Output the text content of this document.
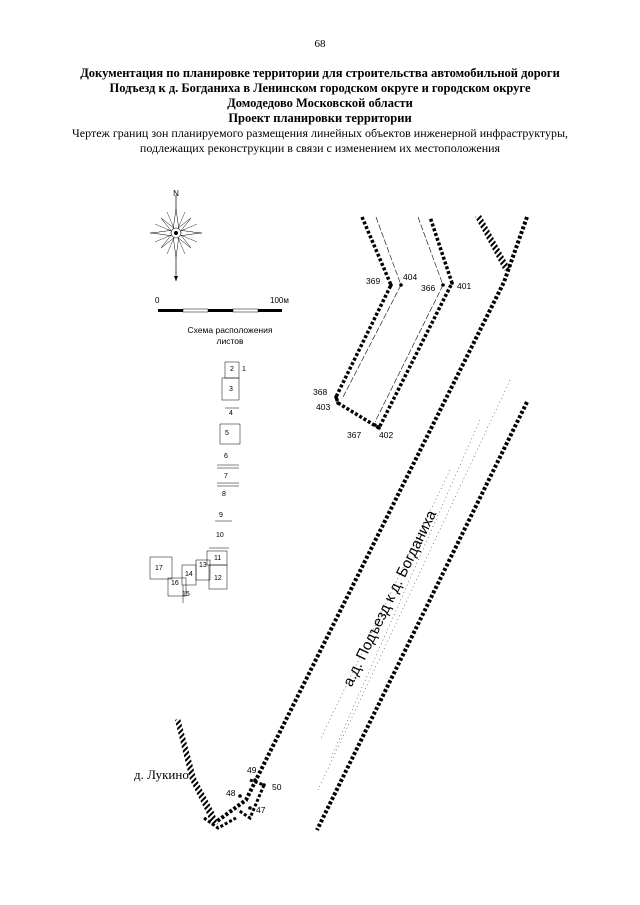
68
Документация по планировке территории для строительства автомобильной дороги
Подъезд к д. Богданиха в Ленинском городском округе и городском округе
Домодедово Московской области
Проект планировки территории
Чертеж границ зон планируемого размещения линейных объектов инженерной инфраструктуры,
подлежащих реконструкции в связи с изменением их местоположения
N
2 1
3
4
5
6
7
8
9
10
11
12
13
14
15
16
17
0	100м
Схема расположения
листов
369	404
366	401
368
403
367 402
49
50
48
47
а.д. Подъезд к д. Богданиха
д. Лукино
